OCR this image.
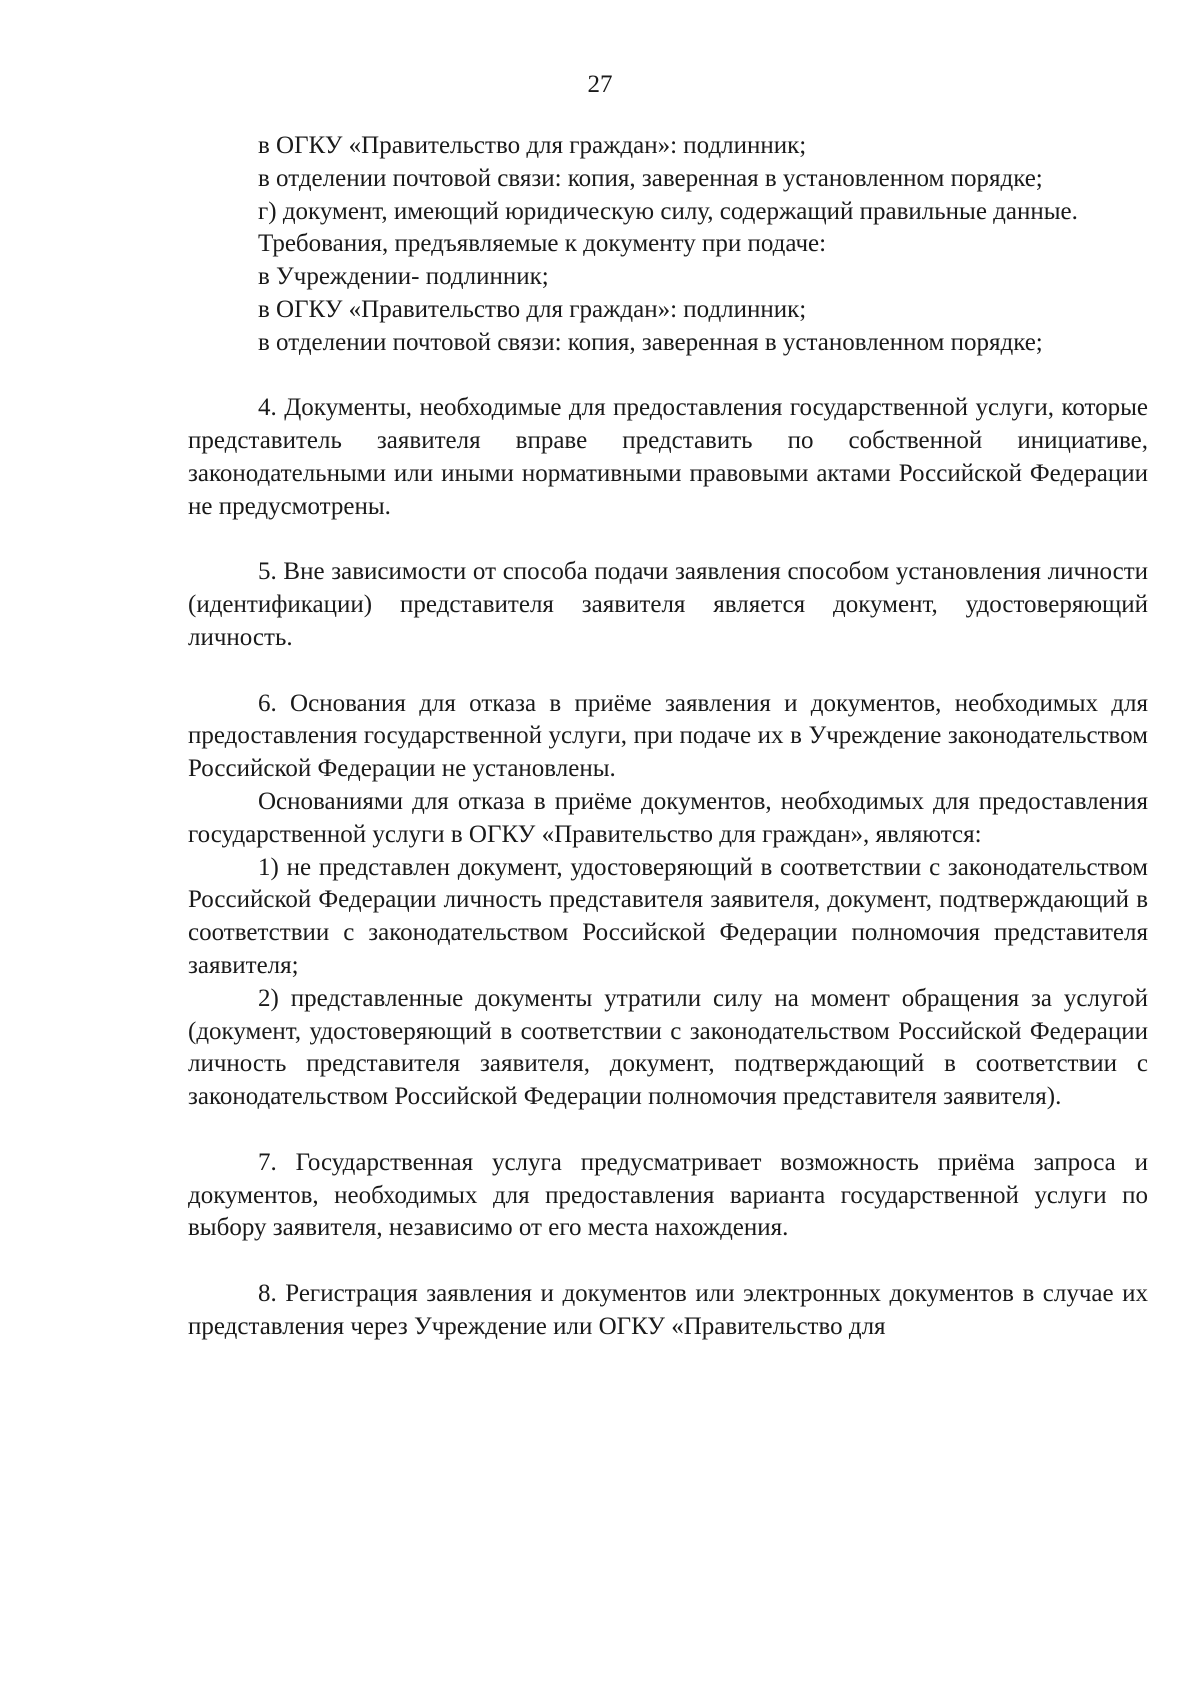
27

в ОГКУ «Правительство для граждан»: подлинник;

в отделении почтовой связи: копия, заверенная в установленном порядке;

г) документ, имеющий юридическую силу, содержащий правильные данные.

Требования, предъявляемые к документу при подаче:

в Учреждении- подлинник;

в ОГКУ «Правительство для граждан»: подлинник;

в отделении почтовой связи: копия, заверенная в установленном порядке;

4. Документы, необходимые для предоставления государственной услуги, которые представитель заявителя вправе представить по собственной инициативе, законодательными или иными нормативными правовыми актами Российской Федерации не предусмотрены.

5. Вне зависимости от способа подачи заявления способом установления личности (идентификации) представителя заявителя является документ, удостоверяющий личность.

6. Основания для отказа в приёме заявления и документов, необходимых для предоставления государственной услуги, при подаче их в Учреждение законодательством Российской Федерации не установлены.

Основаниями для отказа в приёме документов, необходимых для предоставления государственной услуги в ОГКУ «Правительство для граждан», являются:

1) не представлен документ, удостоверяющий в соответствии с законодательством Российской Федерации личность представителя заявителя, документ, подтверждающий в соответствии с законодательством Российской Федерации полномочия представителя заявителя;

2) представленные документы утратили силу на момент обращения за услугой (документ, удостоверяющий в соответствии с законодательством Российской Федерации личность представителя заявителя, документ, подтверждающий в соответствии с законодательством Российской Федерации полномочия представителя заявителя).

7. Государственная услуга предусматривает возможность приёма запроса и документов, необходимых для предоставления варианта государственной услуги по выбору заявителя, независимо от его места нахождения.

8. Регистрация заявления и документов или электронных документов в случае их представления через Учреждение или ОГКУ «Правительство для
